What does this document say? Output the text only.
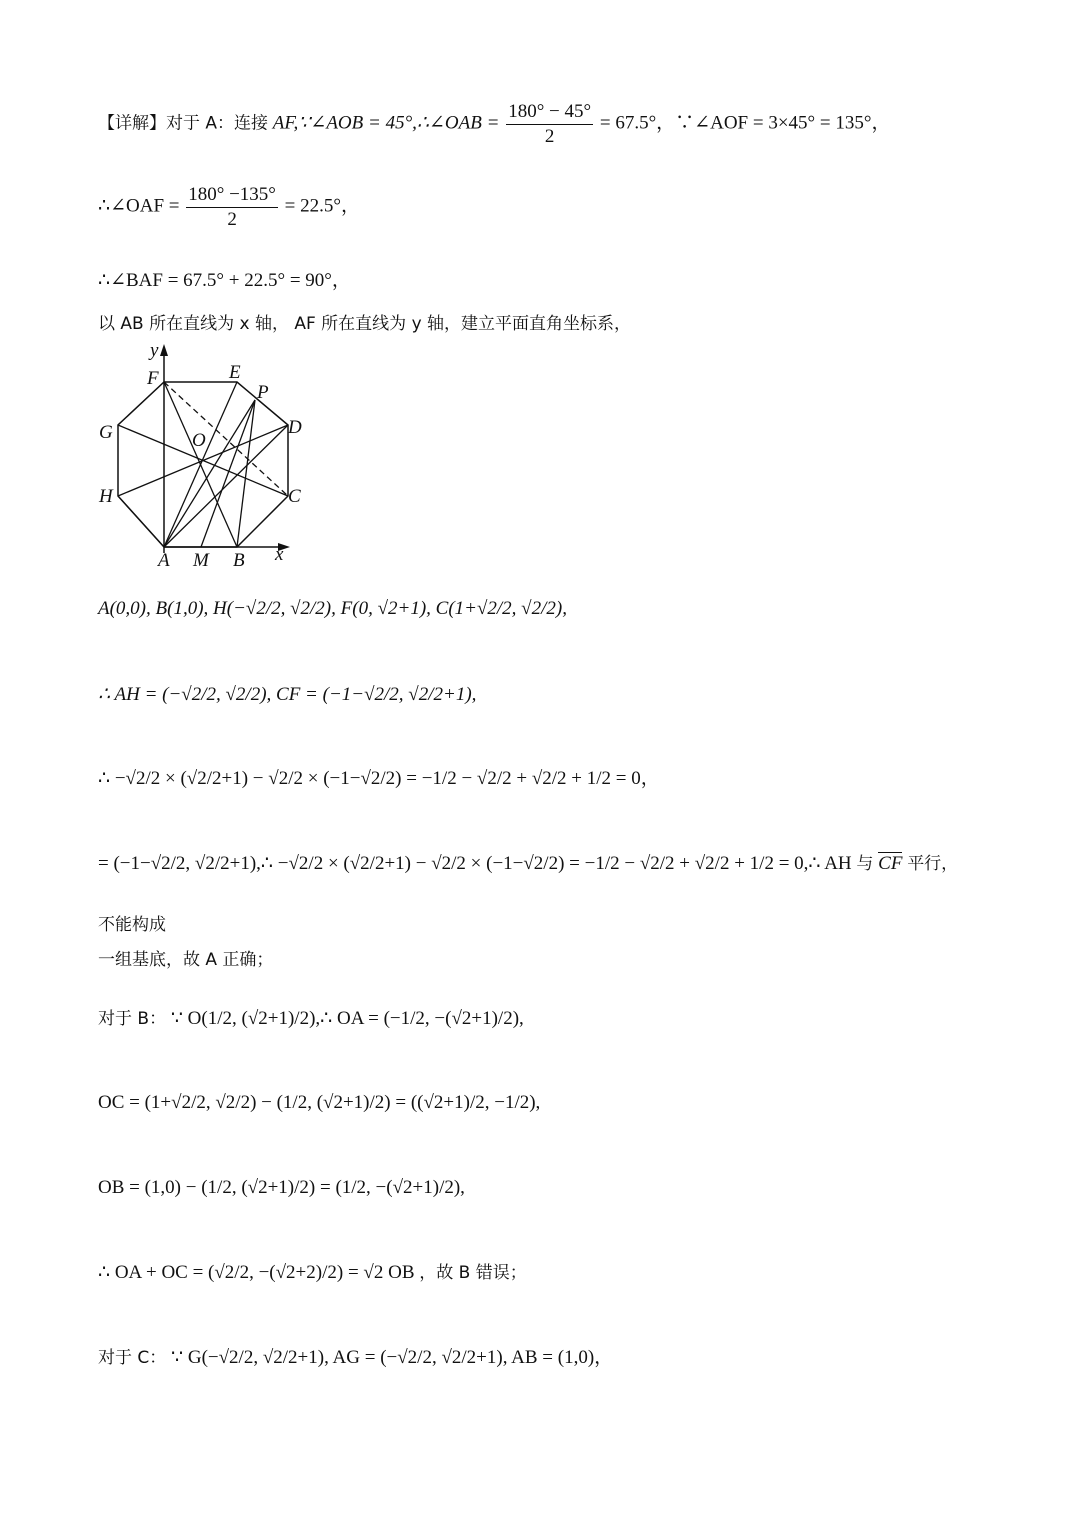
【详解】对于 A：连接 AF,∵∠AOB = 45°,∴∠OAB = $\frac{180^\circ - 45^\circ}{2} = 67.5^\circ$，∵∠AOF = 3×45° = 135°，
∴∠OAF = $\frac{180^\circ -135^\circ}{2} = 22.5^\circ$，
∴∠BAF = 67.5° + 22.5° = 90°，
以 AB 所在直线为 x 轴， AF 所在直线为 y 轴，建立平面直角坐标系，
y
x
F	E
P
G	O
D
H	C
A M B
A(0,0), B(1,0), H(−√2/2, √2/2), F(0, √2+1), C(1+√2/2, √2/2),
∴ AH = (−√2/2, √2/2), CF = (−1−√2/2, √2/2+1),
∴ −√2/2 × (√2/2+1) − √2/2 × (−1−√2/2) = −1/2 − √2/2 + √2/2 + 1/2 = 0，
= (−1−√2/2, √2/2+1),∴ −√2/2 × (√2/2+1) − √2/2 × (−1−√2/2) = −1/2 − √2/2 + √2/2 + 1/2 = 0,∴ AH 与 CF 平行，
不能构成
一组基底，故 A 正确；
对于 B： ∵ O(1/2, (√2+1)/2),∴ OA = (−1/2, −(√2+1)/2),
OC = (1+√2/2, √2/2) − (1/2, (√2+1)/2) = ((√2+1)/2, −1/2),
OB = (1,0) − (1/2, (√2+1)/2) = (1/2, −(√2+1)/2),
∴ OA + OC = (√2/2, −(√2+2)/2) = √2 OB ，故 B 错误；
对于 C： ∵ G(−√2/2, √2/2+1), AG = (−√2/2, √2/2+1), AB = (1,0)，
